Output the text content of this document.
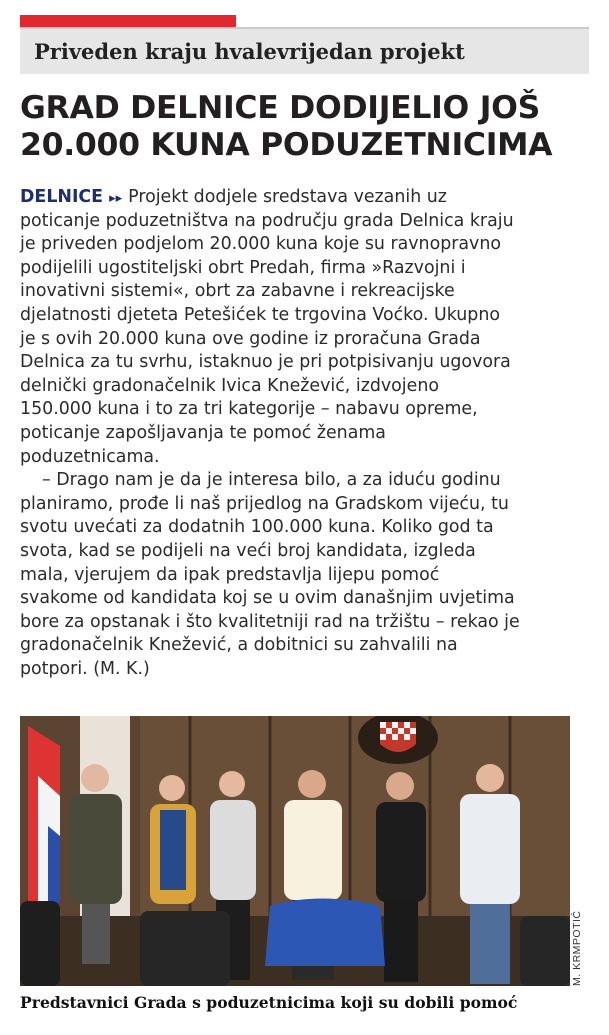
Priveden kraju hvalevrijedan projekt
GRAD DELNICE DODIJELIO JOŠ
20.000 KUNA PODUZETNICIMA
DELNICE ▸▸ Projekt dodjele sredstava vezanih uz
poticanje poduzetništva na području grada Delnica kraju
je priveden podjelom 20.000 kuna koje su ravnopravno
podijelili ugostiteljski obrt Predah, firma »Razvojni i
inovativni sistemi«, obrt za zabavne i rekreacijske
djelatnosti djeteta Petešićek te trgovina Voćko. Ukupno
je s ovih 20.000 kuna ove godine iz proračuna Grada
Delnica za tu svrhu, istaknuo je pri potpisivanju ugovora
delnički gradonačelnik Ivica Knežević, izdvojeno
150.000 kuna i to za tri kategorije – nabavu opreme,
poticanje zapošljavanja te pomoć ženama
poduzetnicama.
– Drago nam je da je interesa bilo, a za iduću godinu
planiramo, prođe li naš prijedlog na Gradskom vijeću, tu
svotu uvećati za dodatnih 100.000 kuna. Koliko god ta
svota, kad se podijeli na veći broj kandidata, izgleda
mala, vjerujem da ipak predstavlja lijepu pomoć
svakome od kandidata koj se u ovim današnjim uvjetima
bore za opstanak i što kvalitetniji rad na tržištu – rekao je
gradonačelnik Knežević, a dobitnici su zahvalili na
potpori. (M. K.)
M. KRMPOTIĆ
Predstavnici Grada s poduzetnicima koji su dobili pomoć
